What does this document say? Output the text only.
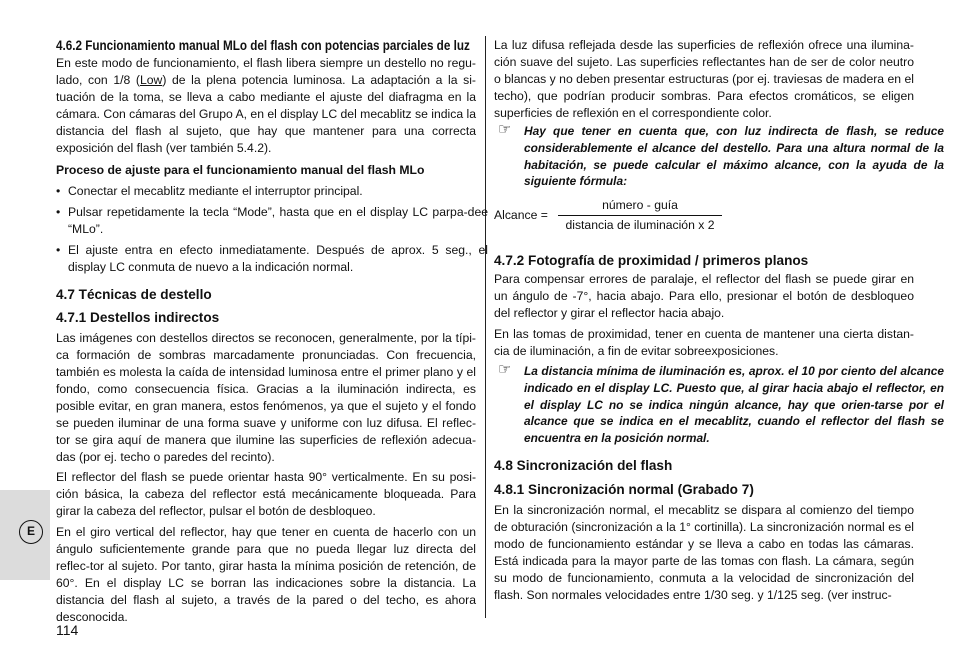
E
4.6.2 Funcionamiento manual MLo del flash con potencias parciales de luz

En este modo de funcionamiento, el flash libera siempre un destello no regu-lado, con 1/8 (Low) de la plena potencia luminosa. La adaptación a la si-tuación de la toma, se lleva a cabo mediante el ajuste del diafragma en la cámara. Con cámaras del Grupo A, en el display LC del mecablitz se indica la distancia del flash al sujeto, que hay que mantener para una correcta exposición del flash (ver también 5.4.2).

Proceso de ajuste para el funcionamiento manual del flash MLo
• Conectar el mecablitz mediante el interruptor principal.
• Pulsar repetidamente la tecla “Mode”, hasta que en el display LC parpa-dee “MLo”.
• El ajuste entra en efecto inmediatamente. Después de aprox. 5 seg., el display LC conmuta de nuevo a la indicación normal.
4.7 Técnicas de destello
4.7.1 Destellos indirectos

Las imágenes con destellos directos se reconocen, generalmente, por la típi-ca formación de sombras marcadamente pronunciadas. Con frecuencia, también es molesta la caída de intensidad luminosa entre el primer plano y el fondo, como consecuencia física. Gracias a la iluminación indirecta, es posible evitar, en gran manera, estos fenómenos, ya que el sujeto y el fondo se pueden iluminar de una forma suave y uniforme con luz difusa. El reflec-tor se gira aquí de manera que ilumine las superficies de reflexión adecua-das (por ej. techo o paredes del recinto).

El reflector del flash se puede orientar hasta 90° verticalmente. En su posi-ción básica, la cabeza del reflector está mecánicamente bloqueada. Para girar la cabeza del reflector, pulsar el botón de desbloqueo.

En el giro vertical del reflector, hay que tener en cuenta de hacerlo con un ángulo suficientemente grande para que no pueda llegar luz directa del reflec-tor al sujeto. Por tanto, girar hasta la mínima posición de retención, de 60°. En el display LC se borran las indicaciones sobre la distancia. La distancia del flash al sujeto, a través de la pared o del techo, es ahora desconocida.

La luz difusa reflejada desde las superficies de reflexión ofrece una ilumina-ción suave del sujeto. Las superficies reflectantes han de ser de color neutro o blancas y no deben presentar estructuras (por ej. traviesas de madera en el techo), que podrían producir sombras. Para efectos cromáticos, se eligen superficies de reflexión en el correspondiente color.

☞ Hay que tener en cuenta que, con luz indirecta de flash, se reduce considerablemente el alcance del destello. Para una altura normal de la habitación, se puede calcular el máximo alcance, con la ayuda de la siguiente fórmula:
Alcance =
número - guía
distancia de iluminación x 2
4.7.2 Fotografía de proximidad / primeros planos

Para compensar errores de paralaje, el reflector del flash se puede girar en un ángulo de -7°, hacia abajo. Para ello, presionar el botón de desbloqueo del reflector y girar el reflector hacia abajo.

En las tomas de proximidad, tener en cuenta de mantener una cierta distan-cia de iluminación, a fin de evitar sobreexposiciones.

☞ La distancia mínima de iluminación es, aprox. el 10 por ciento del alcance indicado en el display LC. Puesto que, al girar hacia abajo el reflector, en el display LC no se indica ningún alcance, hay que orien-tarse por el alcance que se indica en el mecablitz, cuando el reflector del flash se encuentra en la posición normal.
4.8 Sincronización del flash
4.8.1 Sincronización normal (Grabado 7)

En la sincronización normal, el mecablitz se dispara al comienzo del tiempo de obturación (sincronización a la 1° cortinilla). La sincronización normal es el modo de funcionamiento estándar y se lleva a cabo en todas las cámaras. Está indicada para la mayor parte de las tomas con flash. La cámara, según su modo de funcionamiento, conmuta a la velocidad de sincronización del flash. Son normales velocidades entre 1/30 seg. y 1/125 seg. (ver instruc-

114
